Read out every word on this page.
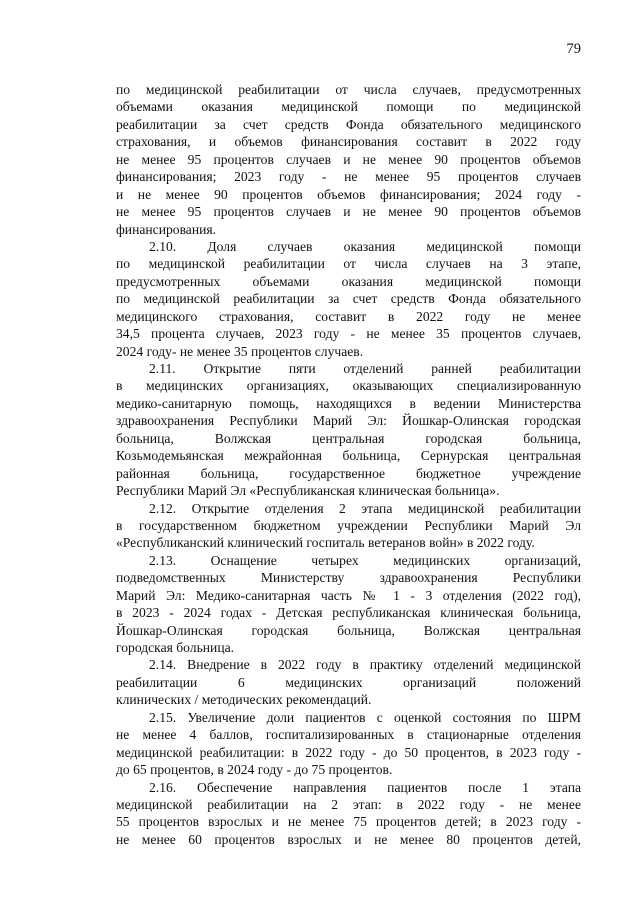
79
по медицинской реабилитации от числа случаев, предусмотренных
объемами оказания медицинской помощи по медицинской
реабилитации за счет средств Фонда обязательного медицинского
страхования, и объемов финансирования составит в 2022 году
не менее 95 процентов случаев и не менее 90 процентов объемов
финансирования; 2023 году - не менее 95 процентов случаев
и не менее 90 процентов объемов финансирования; 2024 году -
не менее 95 процентов случаев и не менее 90 процентов объемов
финансирования.
2.10. Доля случаев оказания медицинской помощи
по медицинской реабилитации от числа случаев на 3 этапе,
предусмотренных объемами оказания медицинской помощи
по медицинской реабилитации за счет средств Фонда обязательного
медицинского страхования, составит в 2022 году не менее
34,5 процента случаев, 2023 году - не менее 35 процентов случаев,
2024 году- не менее 35 процентов случаев.
2.11. Открытие пяти отделений ранней реабилитации
в медицинских организациях, оказывающих специализированную
медико-санитарную помощь, находящихся в ведении Министерства
здравоохранения Республики Марий Эл: Йошкар-Олинская городская
больница, Волжская центральная городская больница,
Козьмодемьянская межрайонная больница, Сернурская центральная
районная больница, государственное бюджетное учреждение
Республики Марий Эл «Республиканская клиническая больница».
2.12. Открытие отделения 2 этапа медицинской реабилитации
в государственном бюджетном учреждении Республики Марий Эл
«Республиканский клинический госпиталь ветеранов войн» в 2022 году.
2.13. Оснащение четырех медицинских организаций,
подведомственных Министерству здравоохранения Республики
Марий Эл: Медико-санитарная часть № 1 - 3 отделения (2022 год),
в 2023 - 2024 годах - Детская республиканская клиническая больница,
Йошкар-Олинская городская больница, Волжская центральная
городская больница.
2.14. Внедрение в 2022 году в практику отделений медицинской
реабилитации 6 медицинских организаций положений
клинических / методических рекомендаций.
2.15. Увеличение доли пациентов с оценкой состояния по ШРМ
не менее 4 баллов, госпитализированных в стационарные отделения
медицинской реабилитации: в 2022 году - до 50 процентов, в 2023 году -
до 65 процентов, в 2024 году - до 75 процентов.
2.16. Обеспечение направления пациентов после 1 этапа
медицинской реабилитации на 2 этап: в 2022 году - не менее
55 процентов взрослых и не менее 75 процентов детей; в 2023 году -
не менее 60 процентов взрослых и не менее 80 процентов детей,
